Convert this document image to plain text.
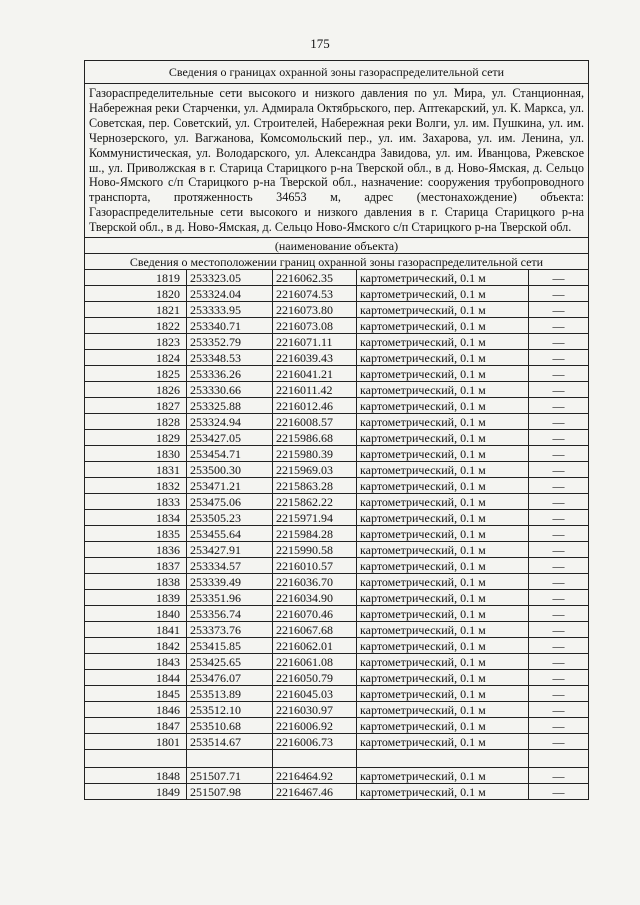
175
Сведения о границах охранной зоны газораспределительной сети				
Газораспределительные сети высокого и низкого давления по ул. Мира, ул. Станционная, Набережная реки Старченки, ул. Адмирала Октябрьского, пер. Аптекарский, ул. К. Маркса, ул. Советская, пер. Советский, ул. Строителей, Набережная реки Волги, ул. им. Пушкина, ул. им. Чернозерского, ул. Вагжанова, Комсомольский пер., ул. им. Захарова, ул. им. Ленина, ул. Коммунистическая, ул. Володарского, ул. Александра Завидова, ул. им. Иванцова, Ржевское ш., ул. Приволжская в г. Старица Старицкого р-на Тверской обл., в д. Ново-Ямская, д. Сельцо Ново-Ямского с/п Старицкого р-на Тверской обл., назначение: сооружения трубопроводного транспорта, протяженность 34653 м, адрес (местонахождение) объекта: Газораспределительные сети высокого и низкого давления в г. Старица Старицкого р-на Тверской обл., в д. Ново-Ямская, д. Сельцо Ново-Ямского с/п Старицкого р-на Тверской обл.				
(наименование объекта)				
Сведения о местоположении границ охранной зоны газораспределительной сети				
1819	253323.05	2216062.35	картометрический, 0.1 м	—
1820	253324.04	2216074.53	картометрический, 0.1 м	—
1821	253333.95	2216073.80	картометрический, 0.1 м	—
1822	253340.71	2216073.08	картометрический, 0.1 м	—
1823	253352.79	2216071.11	картометрический, 0.1 м	—
1824	253348.53	2216039.43	картометрический, 0.1 м	—
1825	253336.26	2216041.21	картометрический, 0.1 м	—
1826	253330.66	2216011.42	картометрический, 0.1 м	—
1827	253325.88	2216012.46	картометрический, 0.1 м	—
1828	253324.94	2216008.57	картометрический, 0.1 м	—
1829	253427.05	2215986.68	картометрический, 0.1 м	—
1830	253454.71	2215980.39	картометрический, 0.1 м	—
1831	253500.30	2215969.03	картометрический, 0.1 м	—
1832	253471.21	2215863.28	картометрический, 0.1 м	—
1833	253475.06	2215862.22	картометрический, 0.1 м	—
1834	253505.23	2215971.94	картометрический, 0.1 м	—
1835	253455.64	2215984.28	картометрический, 0.1 м	—
1836	253427.91	2215990.58	картометрический, 0.1 м	—
1837	253334.57	2216010.57	картометрический, 0.1 м	—
1838	253339.49	2216036.70	картометрический, 0.1 м	—
1839	253351.96	2216034.90	картометрический, 0.1 м	—
1840	253356.74	2216070.46	картометрический, 0.1 м	—
1841	253373.76	2216067.68	картометрический, 0.1 м	—
1842	253415.85	2216062.01	картометрический, 0.1 м	—
1843	253425.65	2216061.08	картометрический, 0.1 м	—
1844	253476.07	2216050.79	картометрический, 0.1 м	—
1845	253513.89	2216045.03	картометрический, 0.1 м	—
1846	253512.10	2216030.97	картометрический, 0.1 м	—
1847	253510.68	2216006.92	картометрический, 0.1 м	—
1801	253514.67	2216006.73	картометрический, 0.1 м	—

1848	251507.71	2216464.92	картометрический, 0.1 м	—
1849	251507.98	2216467.46	картометрический, 0.1 м	—
